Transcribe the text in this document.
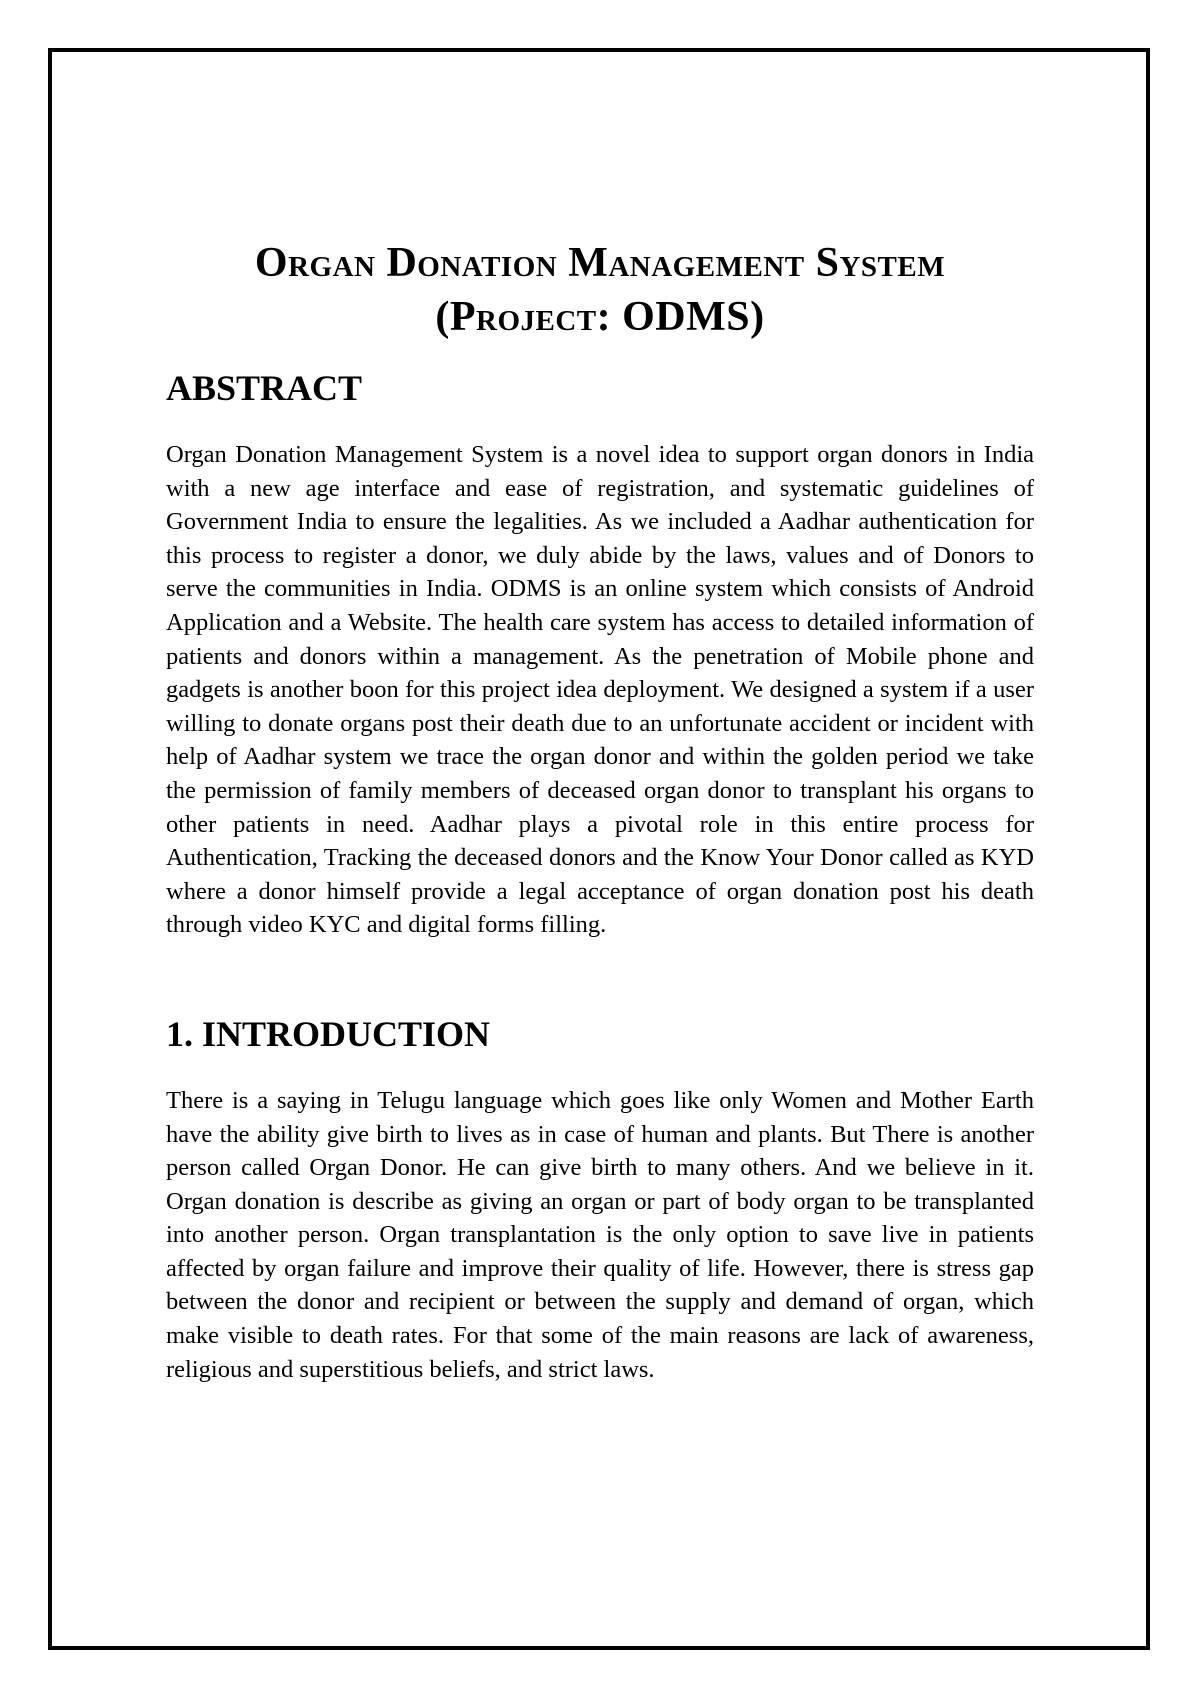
Organ Donation Management System
(Project: ODMS)
ABSTRACT

Organ Donation Management System is a novel idea to support organ donors in India with a new age interface and ease of registration, and systematic guidelines of Government India to ensure the legalities. As we included a Aadhar authentication for this process to register a donor, we duly abide by the laws, values and of Donors to serve the communities in India. ODMS is an online system which consists of Android Application and a Website. The health care system has access to detailed information of patients and donors within a management. As the penetration of Mobile phone and gadgets is another boon for this project idea deployment. We designed a system if a user willing to donate organs post their death due to an unfortunate accident or incident with help of Aadhar system we trace the organ donor and within the golden period we take the permission of family members of deceased organ donor to transplant his organs to other patients in need. Aadhar plays a pivotal role in this entire process for Authentication, Tracking the deceased donors and the Know Your Donor called as KYD where a donor himself provide a legal acceptance of organ donation post his death through video KYC and digital forms filling.

1. INTRODUCTION

There is a saying in Telugu language which goes like only Women and Mother Earth have the ability give birth to lives as in case of human and plants. But There is another person called Organ Donor. He can give birth to many others. And we believe in it. Organ donation is describe as giving an organ or part of body organ to be transplanted into another person. Organ transplantation is the only option to save live in patients affected by organ failure and improve their quality of life. However, there is stress gap between the donor and recipient or between the supply and demand of organ, which make visible to death rates. For that some of the main reasons are lack of awareness, religious and superstitious beliefs, and strict laws.
